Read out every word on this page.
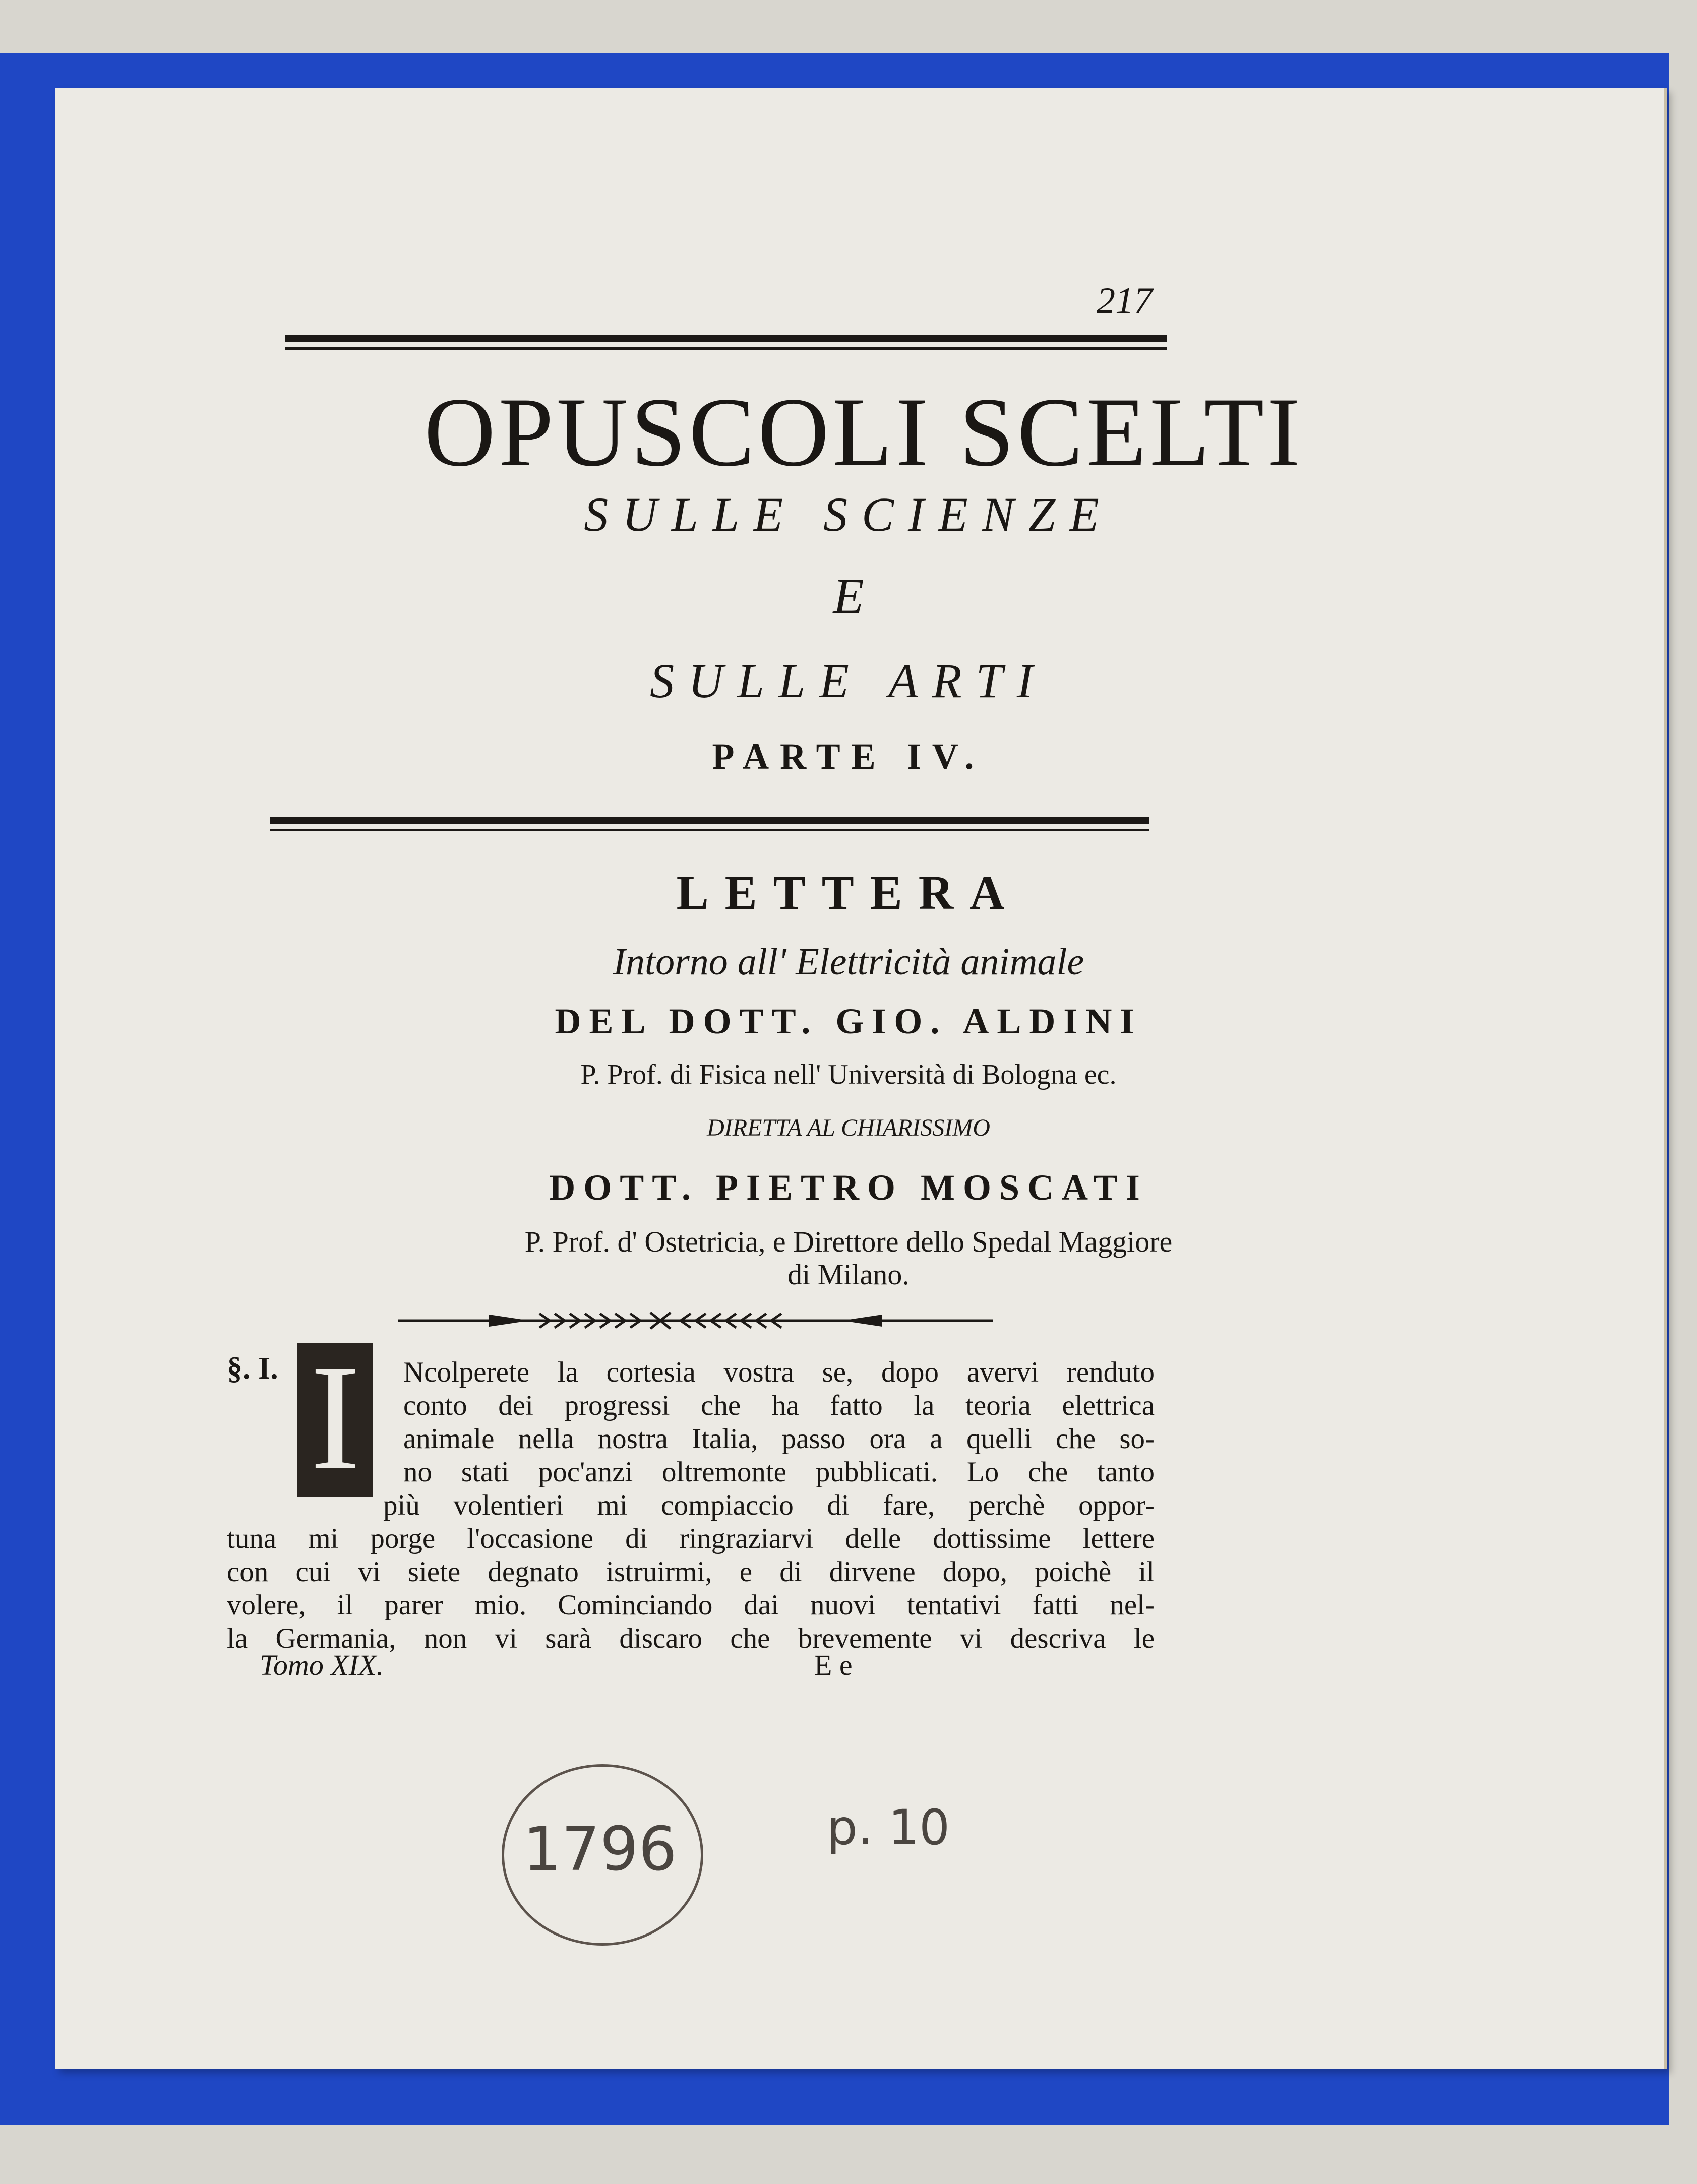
217
OPUSCOLI SCELTI
SULLE SCIENZE
E
SULLE ARTI
PARTE IV.
LETTERA
Intorno all' Elettricità animale
DEL DOTT. GIO. ALDINI
P. Prof. di Fisica nell' Università di Bologna ec.
DIRETTA AL CHIARISSIMO
DOTT. PIETRO MOSCATI
P. Prof. d' Ostetricia, e Direttore dello Spedal Maggiore
di Milano.
§. I. I	Ncolperete la cortesia vostra se, dopo avervi renduto
conto dei progressi che ha fatto la teoria elettrica
animale nella nostra Italia, passo ora a quelli che so-
no stati poc'anzi oltremonte pubblicati. Lo che tanto
più volentieri mi compiaccio di fare, perchè oppor-
tuna mi porge l'occasione di ringraziarvi delle dottissime lettere
con cui vi siete degnato istruirmi, e di dirvene dopo, poichè il
volere, il parer mio. Cominciando dai nuovi tentativi fatti nel-
la Germania, non vi sarà discaro che brevemente vi descriva le
Tomo XIX.	E e
1796	p. 10
